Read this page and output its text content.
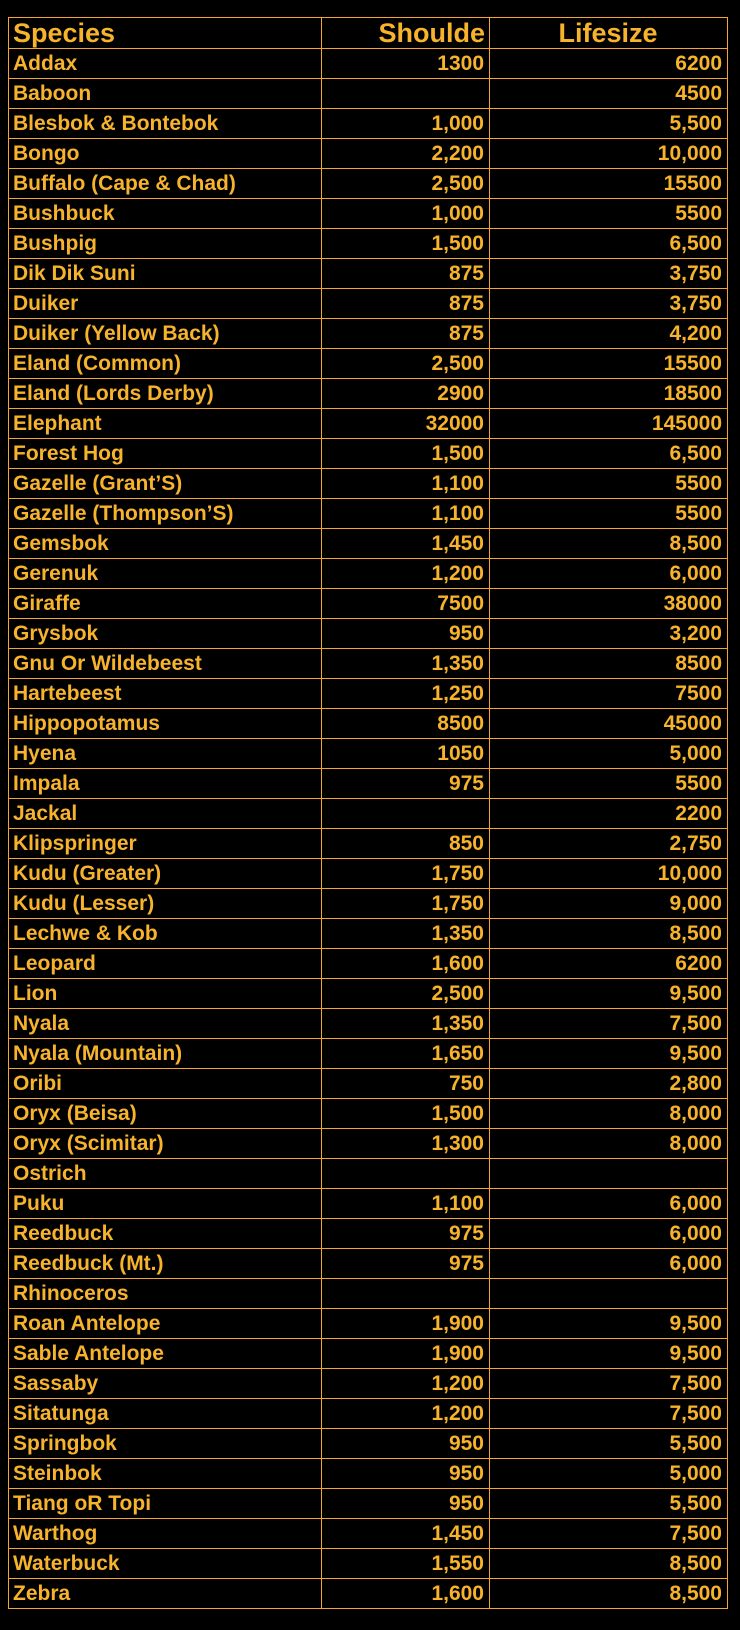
Species	Shoulde	Lifesize
Addax	1300	6200
Baboon		4500
Blesbok & Bontebok	1,000	5,500
Bongo	2,200	10,000
Buffalo (Cape & Chad)	2,500	15500
Bushbuck	1,000	5500
Bushpig	1,500	6,500
Dik Dik Suni	875	3,750
Duiker	875	3,750
Duiker (Yellow Back)	875	4,200
Eland (Common)	2,500	15500
Eland (Lords Derby)	2900	18500
Elephant	32000	145000
Forest Hog	1,500	6,500
Gazelle (Grant’S)	1,100	5500
Gazelle (Thompson’S)	1,100	5500
Gemsbok	1,450	8,500
Gerenuk	1,200	6,000
Giraffe	7500	38000
Grysbok	950	3,200
Gnu Or Wildebeest	1,350	8500
Hartebeest	1,250	7500
Hippopotamus	8500	45000
Hyena	1050	5,000
Impala	975	5500
Jackal		2200
Klipspringer	850	2,750
Kudu (Greater)	1,750	10,000
Kudu (Lesser)	1,750	9,000
Lechwe & Kob	1,350	8,500
Leopard	1,600	6200
Lion	2,500	9,500
Nyala	1,350	7,500
Nyala (Mountain)	1,650	9,500
Oribi	750	2,800
Oryx (Beisa)	1,500	8,000
Oryx (Scimitar)	1,300	8,000
Ostrich		
Puku	1,100	6,000
Reedbuck	975	6,000
Reedbuck (Mt.)	975	6,000
Rhinoceros		
Roan Antelope	1,900	9,500
Sable Antelope	1,900	9,500
Sassaby	1,200	7,500
Sitatunga	1,200	7,500
Springbok	950	5,500
Steinbok	950	5,000
Tiang oR Topi	950	5,500
Warthog	1,450	7,500
Waterbuck	1,550	8,500
Zebra	1,600	8,500
